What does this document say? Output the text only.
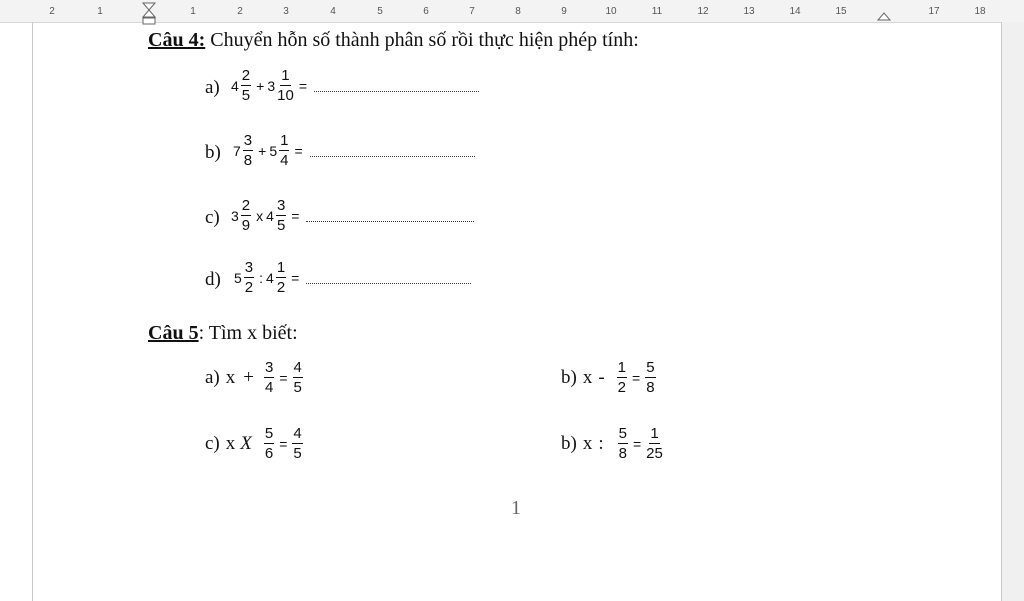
2	1	1	2	3	4	5	6	7	8	9	10	11	12	13	14	15	17	18
Câu 4: Chuyển hỗn số thành phân số rồi thực hiện phép tính:
a) $4 \frac{2}{5} + 3 \frac{1}{10}$ =
b) $7 \frac{3}{8} + 5 \frac{1}{4}$ =
c) $3 \frac{2}{9}$ x $4 \frac{3}{5}$ =
d) $5 \frac{3}{2}$ : $4 \frac{1}{2}$ =
Câu 5: Tìm x biết:
a) $x + \frac{3}{4} = \frac{4}{5}$	b) $x - \frac{1}{2} = \frac{5}{8}$
c) x X $\frac{5}{6} = \frac{4}{5}$	b) x : $\frac{5}{8} = \frac{1}{25}$
1
